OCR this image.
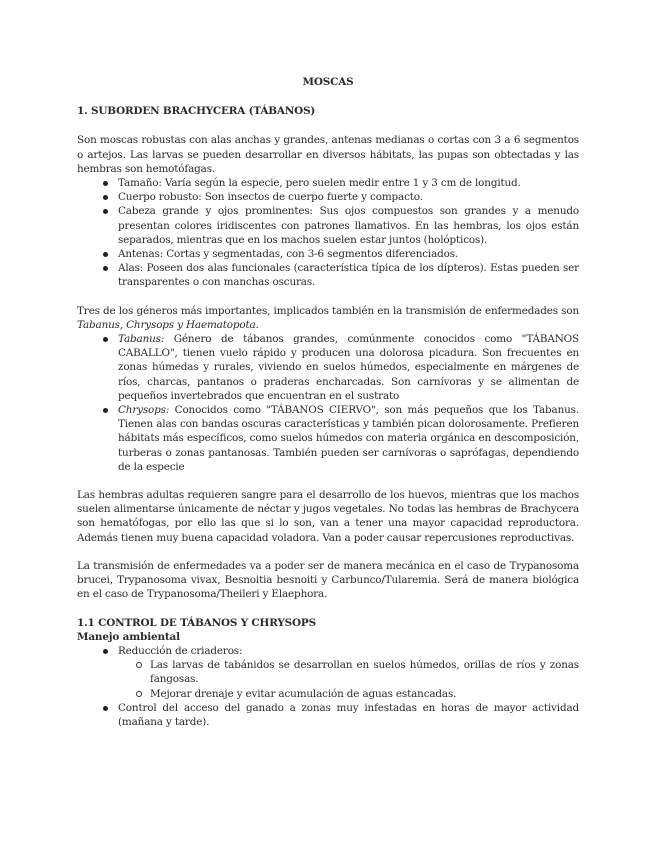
MOSCAS
1. SUBORDEN BRACHYCERA (TÁBANOS)

Son moscas robustas con alas anchas y grandes, antenas medianas o cortas con 3 a 6 segmentos o artejos. Las larvas se pueden desarrollar en diversos hábitats, las pupas son obtectadas y las hembras son hemotófagas.

Tamaño: Varía según la especie, pero suelen medir entre 1 y 3 cm de longitud.
Cuerpo robusto: Son insectos de cuerpo fuerte y compacto.
Cabeza grande y ojos prominentes: Sus ojos compuestos son grandes y a menudo presentan colores iridiscentes con patrones llamativos. En las hembras, los ojos están separados, mientras que en los machos suelen estar juntos (holópticos).
Antenas: Cortas y segmentadas, con 3-6 segmentos diferenciados.
Alas: Poseen dos alas funcionales (característica típica de los dípteros). Estas pueden ser transparentes o con manchas oscuras.

Tres de los géneros más importantes, implicados también en la transmisión de enfermedades son Tabanus, Chrysops y Haematopota.

Tabanus: Género de tábanos grandes, comúnmente conocidos como "TÁBANOS CABALLO", tienen vuelo rápido y producen una dolorosa picadura. Son frecuentes en zonas húmedas y rurales, viviendo en suelos húmedos, especialmente en márgenes de ríos, charcas, pantanos o praderas encharcadas. Son carnívoras y se alimentan de pequeños invertebrados que encuentran en el sustrato
Chrysops: Conocidos como "TÁBANOS CIERVO", son más pequeños que los Tabanus. Tienen alas con bandas oscuras características y también pican dolorosamente. Prefieren hábitats más específicos, como suelos húmedos con materia orgánica en descomposición, turberas o zonas pantanosas. También pueden ser carnívoras o saprófagas, dependiendo de la especie

Las hembras adultas requieren sangre para el desarrollo de los huevos, mientras que los machos suelen alimentarse únicamente de néctar y jugos vegetales. No todas las hembras de Brachycera son hematófogas, por ello las que si lo son, van a tener una mayor capacidad reproductora. Además tienen muy buena capacidad voladora. Van a poder causar repercusiones reproductivas.

La transmisión de enfermedades va a poder ser de manera mecánica en el caso de Trypanosoma brucei, Trypanosoma vivax, Besnoitia besnoiti y Carbunco/Tularemia. Será de manera biológica en el caso de Trypanosoma/Theileri y Elaephora.

1.1 CONTROL DE TÁBANOS Y CHRYSOPS
Manejo ambiental
Reducción de criaderos:
Las larvas de tabánidos se desarrollan en suelos húmedos, orillas de ríos y zonas fangosas.
Mejorar drenaje y evitar acumulación de aguas estancadas.
Control del acceso del ganado a zonas muy infestadas en horas de mayor actividad (mañana y tarde).
